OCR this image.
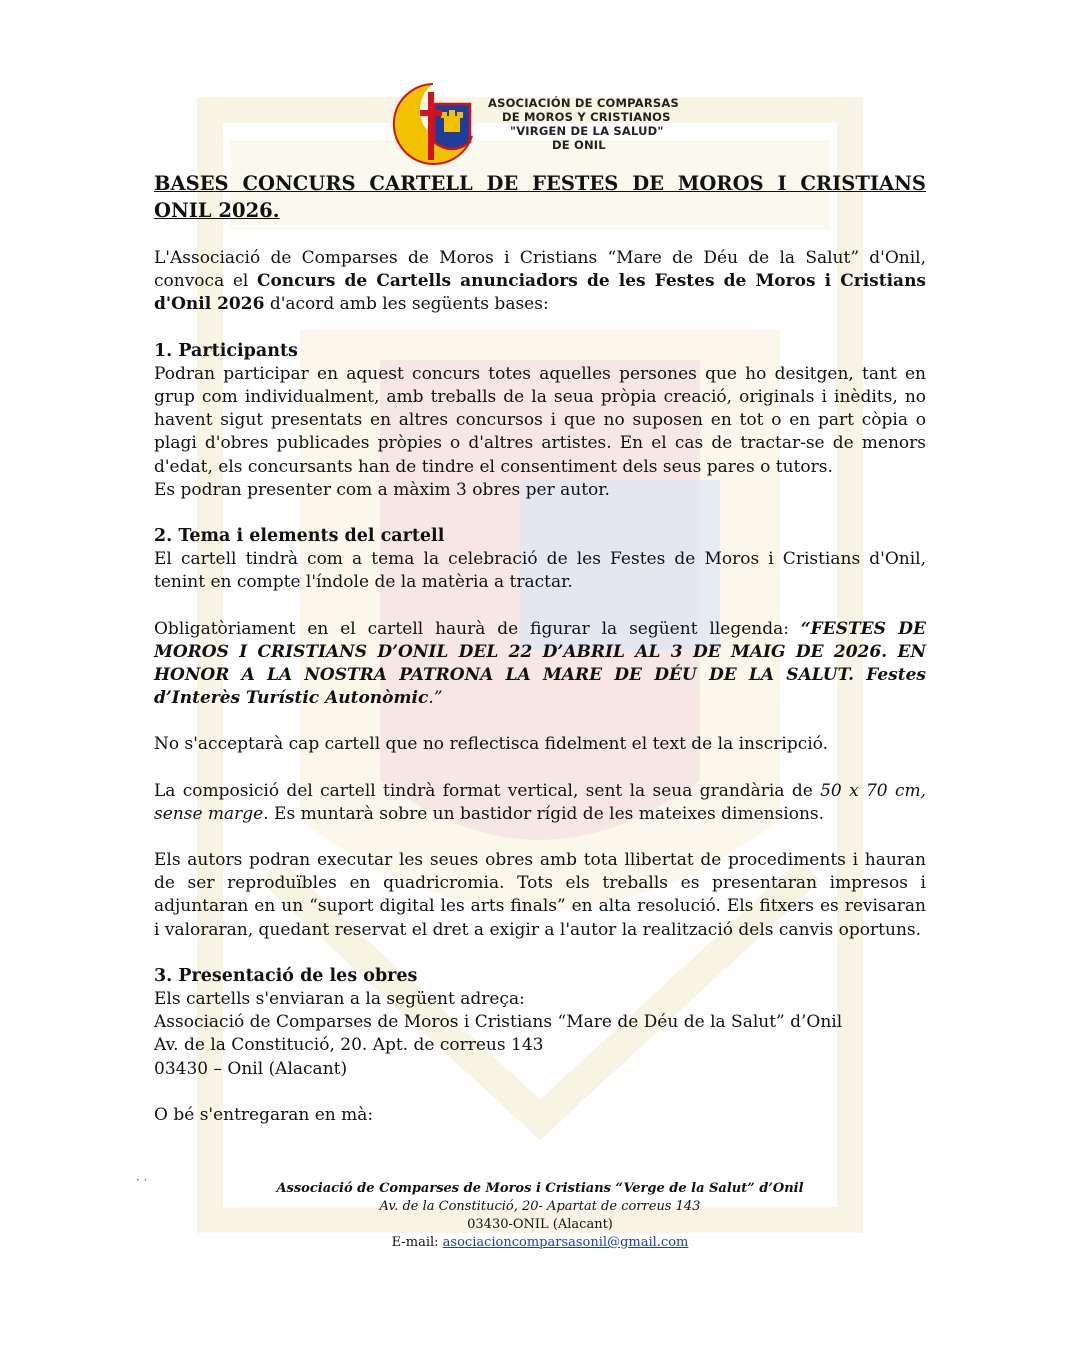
ASOCIACIÓN DE COMPARSAS
DE MOROS Y CRISTIANOS
"VIRGEN DE LA SALUD"
DE ONIL
BASES CONCURS CARTELL DE FESTES DE MOROS I CRISTIANS
ONIL 2026.

L'Associació de Comparses de Moros i Cristians “Mare de Déu de la Salut” d'Onil, convoca el Concurs de Cartells anunciadors de les Festes de Moros i Cristians d'Onil 2026 d'acord amb les següents bases:

1. Participants

Podran participar en aquest concurs totes aquelles persones que ho desitgen, tant en grup com individualment, amb treballs de la seua pròpia creació, originals i inèdits, no havent sigut presentats en altres concursos i que no suposen en tot o en part còpia o plagi d'obres publicades pròpies o d'altres artistes. En el cas de tractar-se de menors d'edat, els concursants han de tindre el consentiment dels seus pares o tutors.

Es podran presenter com a màxim 3 obres per autor.

2. Tema i elements del cartell

El cartell tindrà com a tema la celebració de les Festes de Moros i Cristians d'Onil, tenint en compte l'índole de la matèria a tractar.

Obligatòriament en el cartell haurà de figurar la següent llegenda: “FESTES DE MOROS I CRISTIANS D’ONIL DEL 22 D’ABRIL AL 3 DE MAIG DE 2026. EN HONOR A LA NOSTRA PATRONA LA MARE DE DÉU DE LA SALUT. Festes d’Interès Turístic Autonòmic.”

No s'acceptarà cap cartell que no reflectisca fidelment el text de la inscripció.

La composició del cartell tindrà format vertical, sent la seua grandària de 50 x 70 cm, sense marge. Es muntarà sobre un bastidor rígid de les mateixes dimensions.

Els autors podran executar les seues obres amb tota llibertat de procediments i hauran de ser reproduïbles en quadricromia. Tots els treballs es presentaran impresos i adjuntaran en un “suport digital les arts finals” en alta resolució. Els fitxers es revisaran i valoraran, quedant reservat el dret a exigir a l'autor la realització dels canvis oportuns.

3. Presentació de les obres

Els cartells s'enviaran a la següent adreça:

Associació de Comparses de Moros i Cristians “Mare de Déu de la Salut” d’Onil

Av. de la Constitució, 20. Apt. de correus 143

03430 – Onil (Alacant)

O bé s'entregaran en mà:

· ·
Associació de Comparses de Moros i Cristians “Verge de la Salut” d’Onil
Av. de la Constitució, 20- Apartat de correus 143
03430-ONIL (Alacant)
E-mail: asociacioncomparsasonil@gmail.com
